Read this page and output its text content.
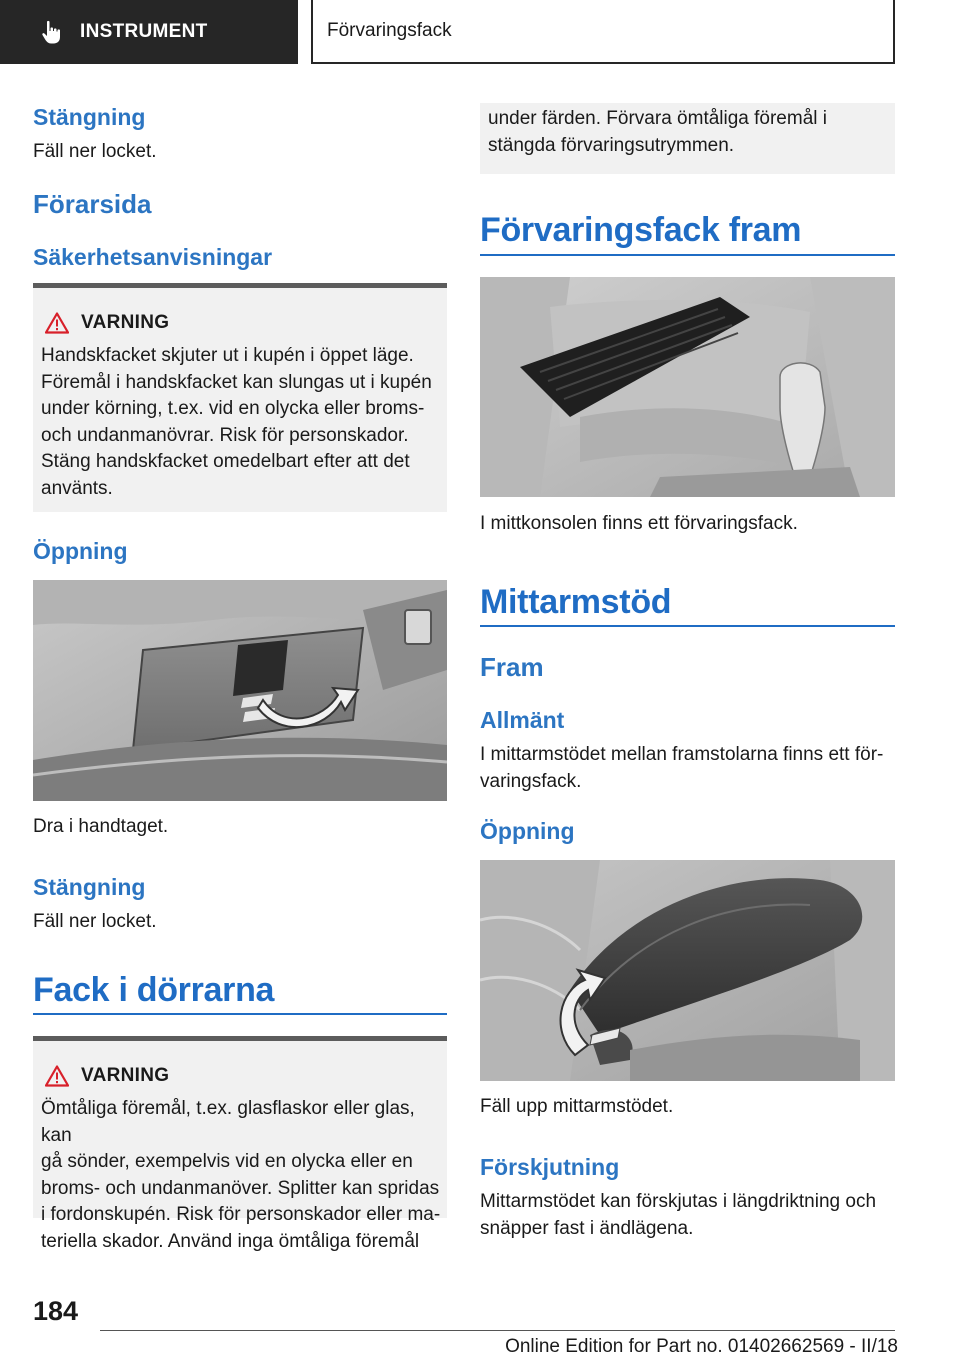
INSTRUMENT	Förvaringsfack
Stängning

Fäll ner locket.

Förarsida
Säkerhetsanvisningar
VARNING

Handskfacket skjuter ut i kupén i öppet läge.
Föremål i handskfacket kan slungas ut i kupén
under körning, t.ex. vid en olycka eller broms-
och undanmanövrar. Risk för personskador.
Stäng handskfacket omedelbart efter att det
använts.

Öppning

Dra i handtaget.

Stängning

Fäll ner locket.

Fack i dörrarna
VARNING

Ömtåliga föremål, t.ex. glasflaskor eller glas, kan
gå sönder, exempelvis vid en olycka eller en
broms- och undanmanöver. Splitter kan spridas
i fordonskupén. Risk för personskador eller ma-
teriella skador. Använd inga ömtåliga föremål

under färden. Förvara ömtåliga föremål i
stängda förvaringsutrymmen.

Förvaringsfack fram

I mittkonsolen finns ett förvaringsfack.

Mittarmstöd
Fram
Allmänt

I mittarmstödet mellan framstolarna finns ett för-
varingsfack.

Öppning

Fäll upp mittarmstödet.

Förskjutning

Mittarmstödet kan förskjutas i längdriktning och
snäpper fast i ändlägena.

184
Online Edition for Part no. 01402662569 - II/18
